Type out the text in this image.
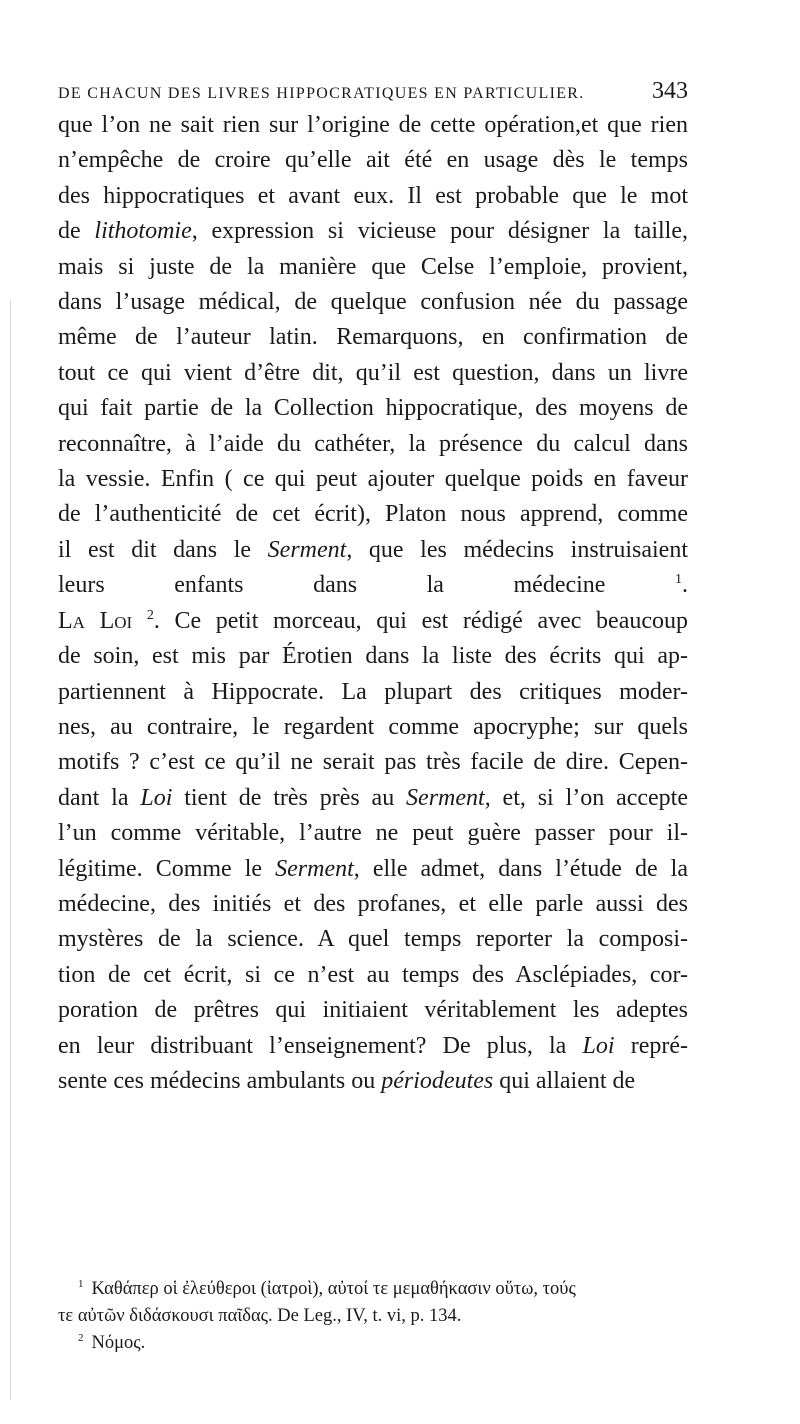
DE CHACUN DES LIVRES HIPPOCRATIQUES EN PARTICULIER.	343
que l’on ne sait rien sur l’origine de cette opération,et que rien
n’empêche de croire qu’elle ait été en usage dès le temps
des hippocratiques et avant eux. Il est probable que le mot
de lithotomie, expression si vicieuse pour désigner la taille,
mais si juste de la manière que Celse l’emploie, provient,
dans l’usage médical, de quelque confusion née du passage
même de l’auteur latin. Remarquons, en confirmation de
tout ce qui vient d’être dit, qu’il est question, dans un livre
qui fait partie de la Collection hippocratique, des moyens de
reconnaître, à l’aide du cathéter, la présence du calcul dans
la vessie. Enfin ( ce qui peut ajouter quelque poids en faveur
de l’authenticité de cet écrit), Platon nous apprend, comme
il est dit dans le Serment, que les médecins instruisaient
leurs enfants dans la médecine $^1$.
La Loi $^2$. Ce petit morceau, qui est rédigé avec beaucoup
de soin, est mis par Érotien dans la liste des écrits qui ap-
partiennent à Hippocrate. La plupart des critiques moder-
nes, au contraire, le regardent comme apocryphe; sur quels
motifs ? c’est ce qu’il ne serait pas très facile de dire. Cepen-
dant la Loi tient de très près au Serment, et, si l’on accepte
l’un comme véritable, l’autre ne peut guère passer pour il-
légitime. Comme le Serment, elle admet, dans l’étude de la
médecine, des initiés et des profanes, et elle parle aussi des
mystères de la science. A quel temps reporter la composi-
tion de cet écrit, si ce n’est au temps des Asclépiades, cor-
poration de prêtres qui initiaient véritablement les adeptes
en leur distribuant l’enseignement? De plus, la Loi repré-
sente ces médecins ambulants ou périodeutes qui allaient de
$^1$ Καθάπερ οἱ ἐλεύθεροι (ἰατροὶ), αὐτοί τε μεμαθήκασιν οὕτω, τούς
τε αὐτῶν διδάσκουσι παῖδας. De Leg., IV, t. vi, p. 134.
$^2$ Νόμος.
